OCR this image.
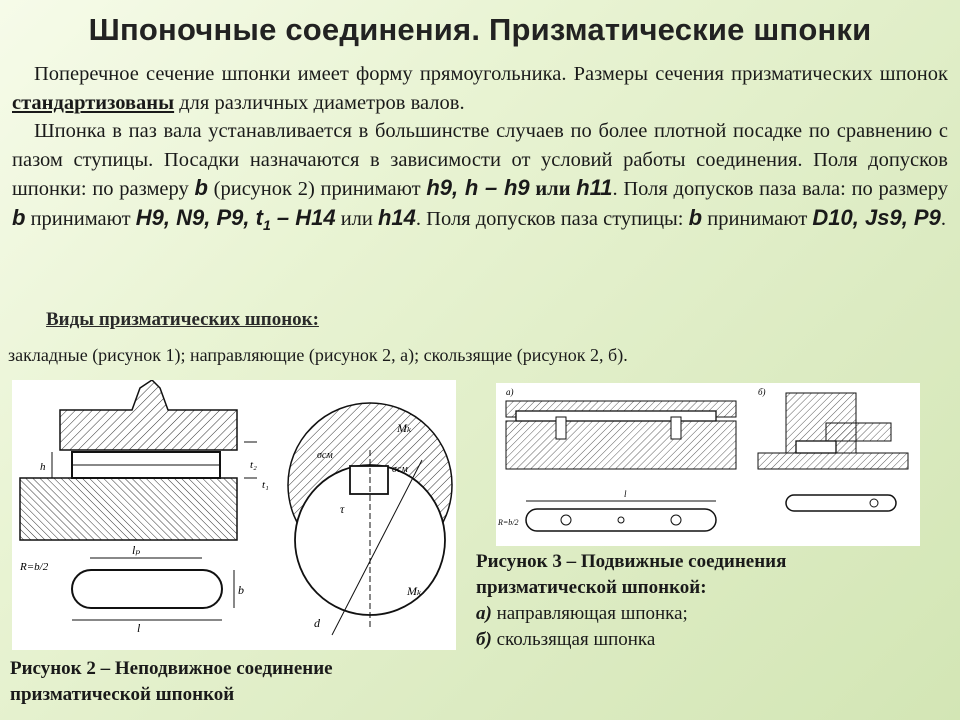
Шпоночные соединения. Призматические шпонки
Поперечное сечение шпонки имеет форму прямоугольника. Размеры сечения призматических шпонок стандартизованы для различных диаметров валов.
Шпонка в паз вала устанавливается в большинстве случаев по более плотной посадке по сравнению с пазом ступицы. Посадки назначаются в зависимости от условий работы соединения. Поля допусков шпонки: по размеру b (рисунок 2) принимают h9, h – h9 или h11. Поля допусков паза вала: по размеру b принимают H9, N9, P9, $t_1 - H14$ или h14. Поля допусков паза ступицы: b принимают D10, Js9, P9.
Виды призматических шпонок:
закладные (рисунок 1); направляющие (рисунок 2, а); скользящие (рисунок 2, б).
h	t₂
t₁
lₚ
l
R=b/2
b
Mₖ
Mₖ
σсм
σсм
τ
d
а)	б)
l
R=b/2
Рисунок 2 – Неподвижное соединение
призматической шпонкой
Рисунок 3 – Подвижные соединения
призматической шпонкой:
а) направляющая шпонка;
б) скользящая шпонка
